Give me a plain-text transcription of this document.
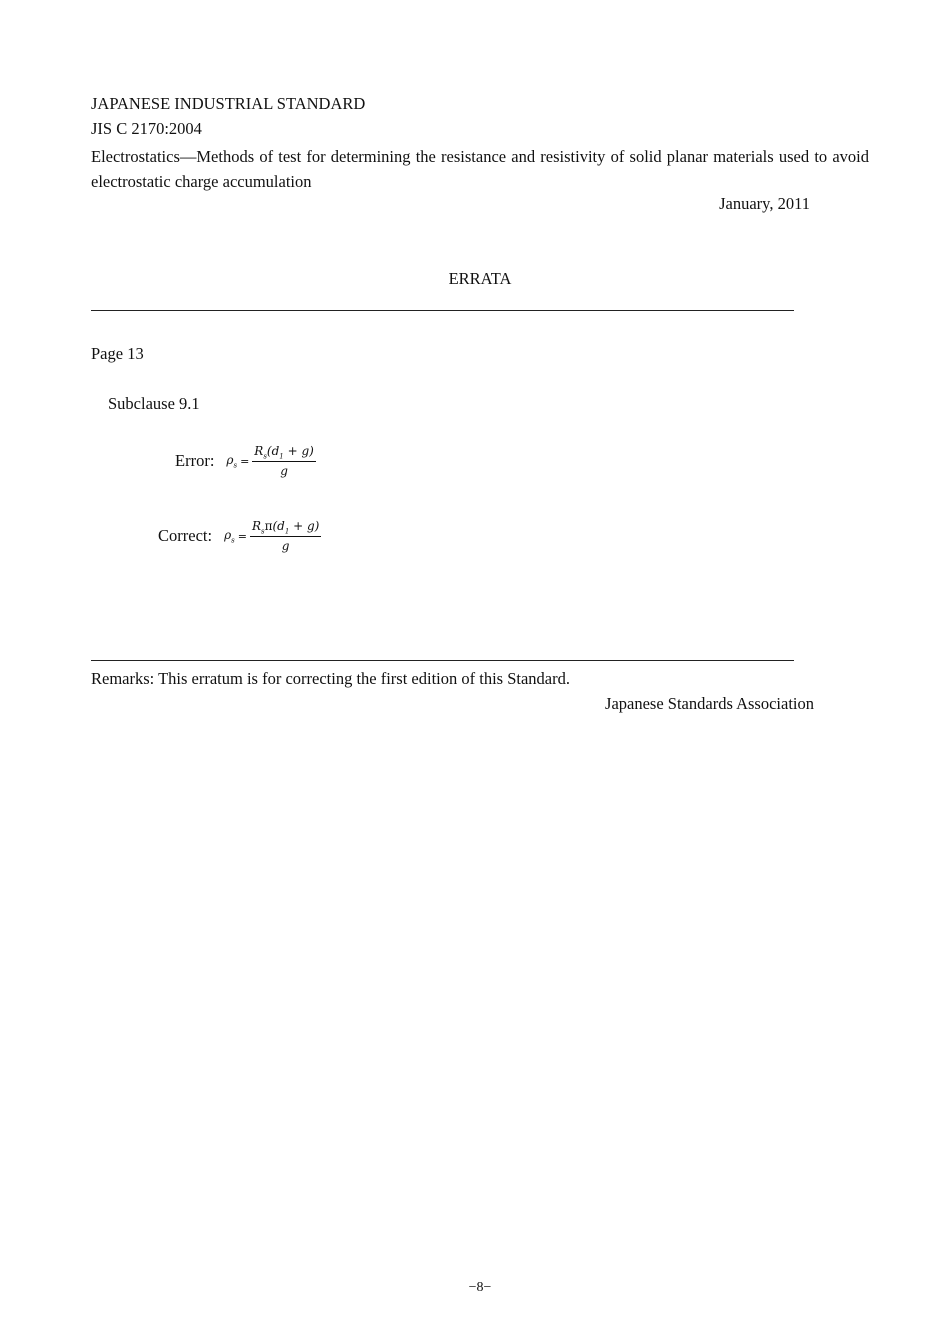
JAPANESE INDUSTRIAL STANDARD
JIS C 2170:2004
Electrostatics—Methods of test for determining the resistance and resistivity of solid planar materials used to avoid electrostatic charge accumulation
January, 2011
ERRATA
Page 13
Subclause 9.1
Error: $\rho_s = \frac{R_s(d_1 + g)}{g}$
Correct: $\rho_s = \frac{R_s\pi(d_1 + g)}{g}$
Remarks: This erratum is for correcting the first edition of this Standard.
Japanese Standards Association
−8−
